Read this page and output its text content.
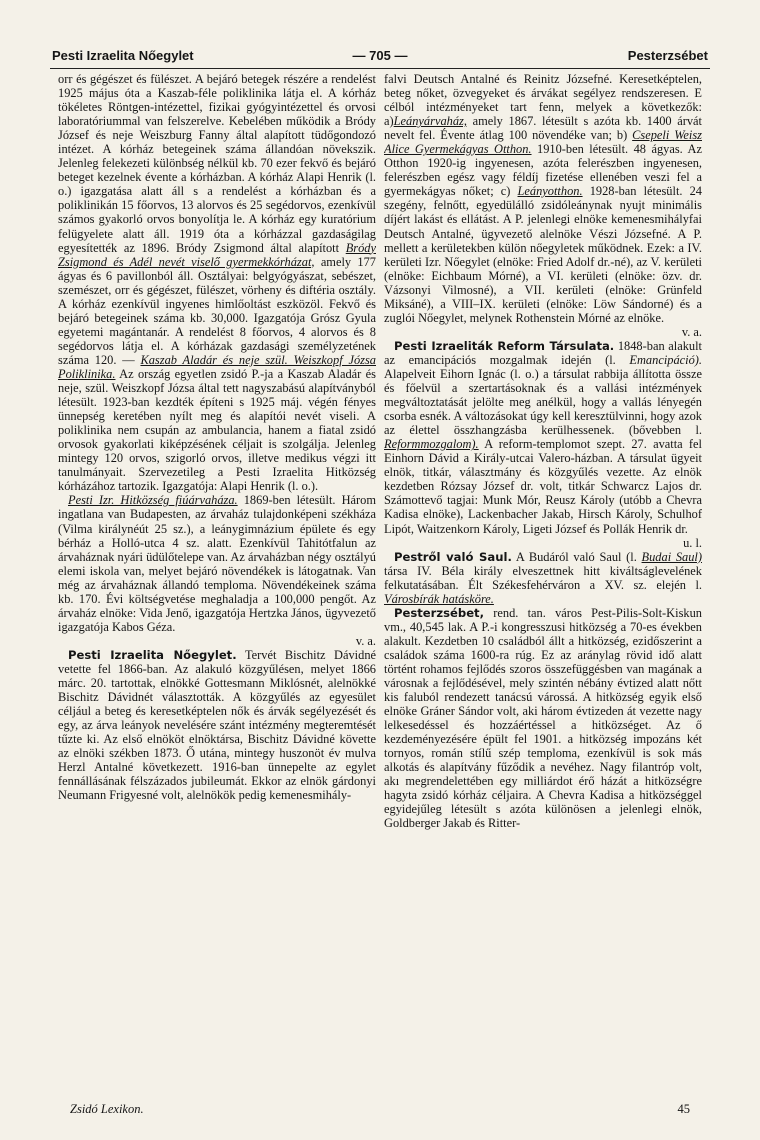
Pesti Izraelita Nőegylet	— 705 —	Pesterzsébet

orr és gégészet és fülészet. A bejáró betegek részére a rendelést 1925 május óta a Kaszab-féle poliklinika látja el. A kórház tökéletes Röntgen-intézettel, fizikai gyógyintézettel és orvosi laboratóriummal van felszerelve. Kebelében működik a Bródy József és neje Weiszburg Fanny által alapított tüdőgondozó intézet. A kórház betegeinek száma állandóan növekszik. Jelenleg felekezeti különbség nélkül kb. 70 ezer fekvő és bejáró beteget kezelnek évente a kórházban. A kórház Alapi Henrik (l. o.) igazgatása alatt áll s a rendelést a kórházban és a poliklinikán 15 főorvos, 13 alorvos és 25 segédorvos, ezenkívül számos gyakorló orvos bonyolítja le. A kórház egy kuratórium felügyelete alatt áll. 1919 óta a kórházzal gazdaságilag egyesítették az 1896. Bródy Zsigmond által alapított Bródy Zsigmond és Adél nevét viselő gyermekkórházat, amely 177 ágyas és 6 pavillonból áll. Osztályai: belgyógyászat, sebészet, szemészet, orr és gégészet, fülészet, vörheny és diftéria osztály. A kórház ezenkívül ingyenes himlőoltást eszközöl. Fekvő és bejáró betegeinek száma kb. 30,000. Igazgatója Grósz Gyula egyetemi magántanár. A rendelést 8 főorvos, 4 alorvos és 8 segédorvos látja el. A kórházak gazdasági személyzetének száma 120. — Kaszab Aladár és neje szül. Weiszkopf Józsa Poliklinika. Az ország egyetlen zsidó P.-ja a Kaszab Aladár és neje, szül. Weiszkopf Józsa által tett nagyszabású alapítványból létesült. 1923-ban kezdték építeni s 1925 máj. végén fényes ünnepség keretében nyílt meg és alapítói nevét viseli. A poliklinika nem csupán az ambulancia, hanem a fiatal zsidó orvosok gyakorlati kiképzésének céljait is szolgálja. Jelenleg mintegy 120 orvos, szigorló orvos, illetve medikus végzi itt tanulmányait. Szervezetileg a Pesti Izraelita Hitközség kórházához tartozik. Igazgatója: Alapi Henrik (l. o.).

Pesti Izr. Hitközség fiúárvaháza. 1869-ben létesült. Három ingatlana van Budapesten, az árvaház tulajdonképeni székháza (Vilma királynéút 25 sz.), a leánygimnázium épülete és egy bérház a Holló-utca 4 sz. alatt. Ezenkívül Tahitótfalun az árvaháznak nyári üdülőtelepe van. Az árvaházban négy osztályú elemi iskola van, melyet bejáró növendékek is látogatnak. Van még az árvaháznak állandó temploma. Növendékeinek száma kb. 170. Évi költségvetése meghaladja a 100,000 pengőt. Az árvaház elnöke: Vida Jenő, igazgatója Hertzka János, ügyvezető igazgatója Kabos Géza.
v. a.

Pesti Izraelita Nőegylet. Tervét Bischitz Dávidné vetette fel 1866-ban. Az alakuló közgyűlésen, melyet 1866 márc. 20. tartottak, elnökké Gottesmann Miklósnét, alelnökké Bischitz Dávidnét választották. A közgyűlés az egyesület céljául a beteg és keresetképtelen nők és árvák segélyezését és egy, az árva leányok nevelésére szánt intézmény megteremtését tűzte ki. Az első elnököt elnöktársa, Bischitz Dávidné követte az elnöki székben 1873. Ő utána, mintegy huszonöt év mulva Herzl Antalné következett. 1916-ban ünnepelte az egylet fennállásának félszázados jubileumát. Ekkor az elnök gárdonyi Neumann Frigyesné volt, alelnökök pedig kemenesmihály-

falvi Deutsch Antalné és Reinitz Józsefné. Keresetképtelen, beteg nőket, özvegyeket és árvákat segélyez rendszeresen. E célból intézményeket tart fenn, melyek a következők: a)Leányárvaház, amely 1867. létesült s azóta kb. 1400 árvát nevelt fel. Évente átlag 100 növendéke van; b) Csepeli Weisz Alice Gyermekágyas Otthon. 1910-ben létesült. 48 ágyas. Az Otthon 1920-ig ingyenesen, azóta felerészben ingyenesen, felerészben egész vagy féldíj fizetése ellenében veszi fel a gyermekágyas nőket; c) Leányotthon. 1928-ban létesült. 24 szegény, felnőtt, egyedülálló zsidóleánynak nyujt minimális díjért lakást és ellátást. A P. jelenlegi elnöke kemenesmihályfai Deutsch Antalné, ügyvezető alelnöke Vészi Józsefné. A P. mellett a kerületekben külön nőegyletek működnek. Ezek: a IV. kerületi Izr. Nőegylet (elnöke: Fried Adolf dr.-né), az V. kerületi (elnöke: Eichbaum Mórné), a VI. kerületi (elnöke: özv. dr. Vázsonyi Vilmosné), a VII. kerületi (elnöke: Grünfeld Miksáné), a VIII–IX. kerületi (elnöke: Löw Sándorné) és a zuglói Nőegylet, melynek Rothenstein Mórné az elnöke.
v. a.

Pesti Izraeliták Reform Társulata. 1848-ban alakult az emancipációs mozgalmak idején (l. Emancipáció). Alapelveit Eihorn Ignác (l. o.) a társulat rabbija állította össze és főelvül a szertartásoknak és a vallási intézmények megváltoztatását jelölte meg anélkül, hogy a vallás lényegén csorba esnék. A változásokat úgy kell keresztülvinni, hogy azok az élettel összhangzásba kerülhessenek. (bővebben l. Reformmozgalom). A reform-templomot szept. 27. avatta fel Einhorn Dávid a Király-utcai Valero-házban. A társulat ügyeit elnök, titkár, választmány és közgyűlés vezette. Az elnök kezdetben Rózsay József dr. volt, titkár Schwarcz Lajos dr. Számottevő tagjai: Munk Mór, Reusz Károly (utóbb a Chevra Kadisa elnöke), Lackenbacher Jakab, Hirsch Károly, Schulhof Lipót, Waitzenkorn Károly, Ligeti József és Pollák Henrik dr.
u. l.

Pestről való Saul. A Budáról való Saul (l. Budai Saul) társa IV. Béla király elveszettnek hitt kiváltságlevelének felkutatásában. Élt Székesfehérváron a XV. sz. elején l. Városbírák hatásköre.

Pesterzsébet, rend. tan. város Pest-Pilis-Solt-Kiskun vm., 40,545 lak. A P.-i kongresszusi hitközség a 70-es években alakult. Kezdetben 10 családból állt a hitközség, ezidőszerint a családok száma 1600-ra rúg. Ez az aránylag rövid idő alatt történt rohamos fejlődés szoros összefüggésben van magának a városnak a fejlődésével, mely szintén nébány évtized alatt nőtt kis faluból rendezett tanácsú várossá. A hitközség egyik első elnöke Gráner Sándor volt, aki három évtizeden át vezette nagy lelkesedéssel és hozzáértéssel a hitközséget. Az ő kezdeményezésére épült fel 1901. a hitközség impozáns két tornyos, román stílű szép temploma, ezenkívül is sok más alkotás és alapítvány fűződik a nevéhez. Nagy filantróp volt, akı megrendelettében egy milliárdot érő házát a hitközségre hagyta zsidó kórház céljaira. A Chevra Kadisa a hitközséggel egyidejűleg létesült s azóta különösen a jelenlegi elnök, Goldberger Jakab és Ritter-

Zsidó Lexikon.	45
